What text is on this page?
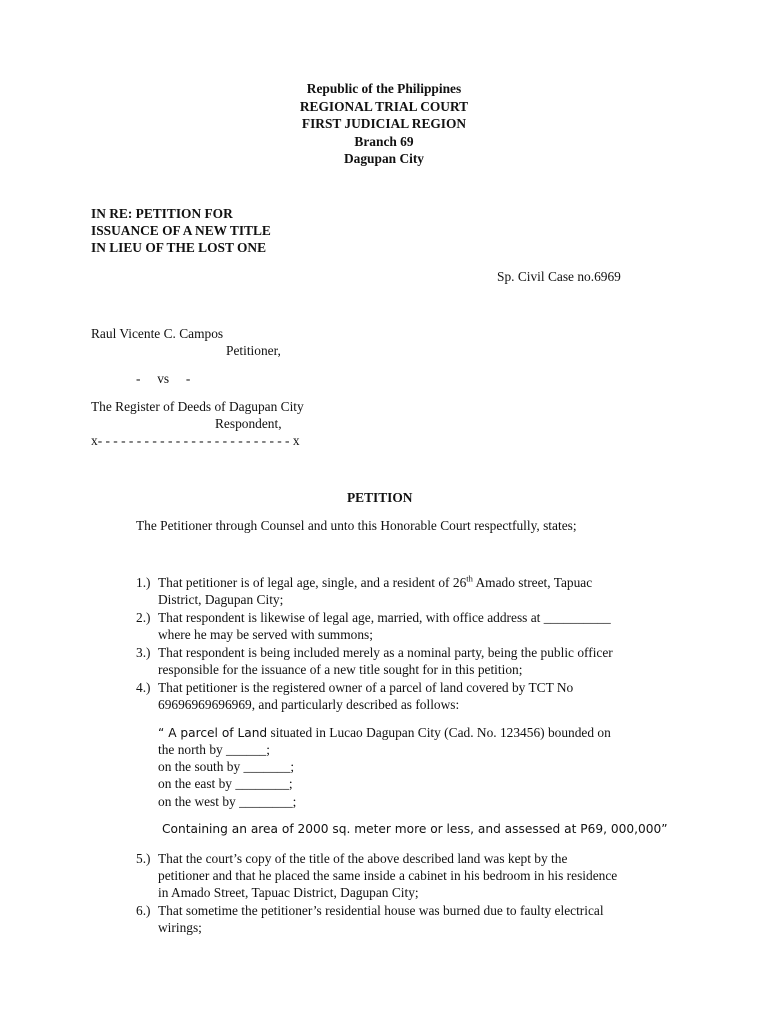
Republic of the Philippines
REGIONAL TRIAL COURT
FIRST JUDICIAL REGION
Branch 69
Dagupan City
IN RE: PETITION FOR
ISSUANCE OF A NEW TITLE
IN LIEU OF THE LOST ONE
Sp. Civil Case no.6969
Raul Vicente C. Campos
Petitioner,
-     vs     -
The Register of Deeds of Dagupan City
Respondent,
x- - - - - - - - - - - - - - - - - - - - - - - - - x
PETITION
The Petitioner through Counsel and unto this Honorable Court respectfully, states;
1.) That petitioner is of legal age, single, and a resident of 26th Amado street, Tapuac
District, Dagupan City;
2.) That respondent is likewise of legal age, married, with office address at __________
where he may be served with summons;
3.) That respondent is being included merely as a nominal party, being the public officer
responsible for the issuance of a new title sought for in this petition;
4.) That petitioner is the registered owner of a parcel of land covered by TCT No
69696969696969, and particularly described as follows:
“ A parcel of Land situated in Lucao Dagupan City (Cad. No. 123456) bounded on
the north by ______;
on the south by _______;
on the east by ________;
on the west by ________;
Containing an area of 2000 sq. meter more or less, and assessed at P69, 000,000”
5.) That the court’s copy of the title of the above described land was kept by the
petitioner and that he placed the same inside a cabinet in his bedroom in his residence
in Amado Street, Tapuac District, Dagupan City;
6.) That sometime the petitioner’s residential house was burned due to faulty electrical
wirings;
